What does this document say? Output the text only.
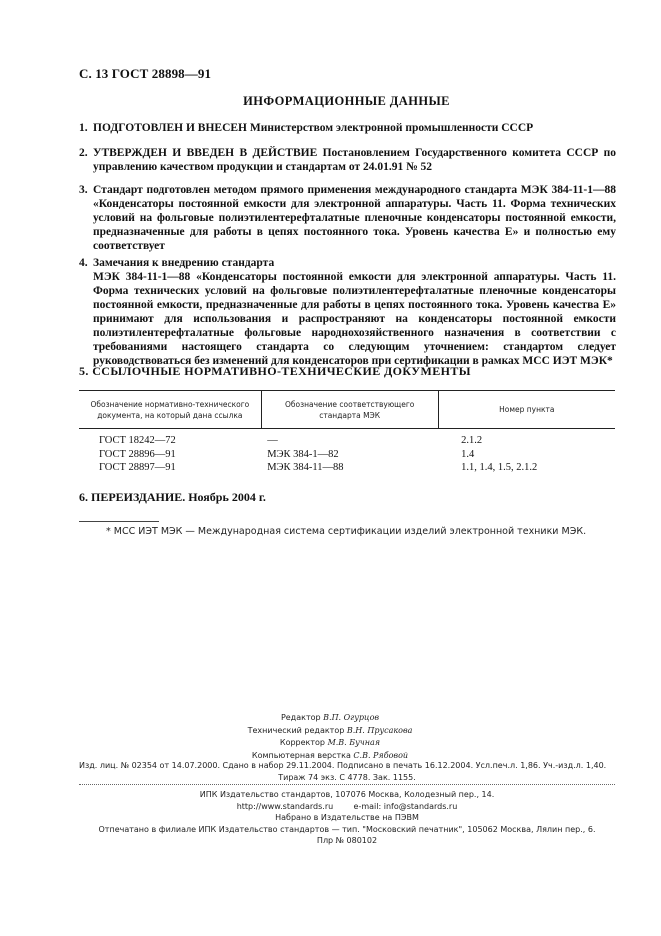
С. 13 ГОСТ 28898—91
ИНФОРМАЦИОННЫЕ ДАННЫЕ
1. ПОДГОТОВЛЕН И ВНЕСЕН Министерством электронной промышленности СССР
2. УТВЕРЖДЕН И ВВЕДЕН В ДЕЙСТВИЕ Постановлением Государственного комитета СССР по управлению качеством продукции и стандартам от 24.01.91 № 52
3. Стандарт подготовлен методом прямого применения международного стандарта МЭК 384-11-1—88 «Конденсаторы постоянной емкости для электронной аппаратуры. Часть 11. Форма технических условий на фольговые полиэтилентерефталатные пленочные конденсаторы постоянной емкости, предназначенные для работы в цепях постоянного тока. Уровень качества Е» и полностью ему соответствует
4. Замечания к внедрению стандарта
МЭК 384-11-1—88 «Конденсаторы постоянной емкости для электронной аппаратуры. Часть 11. Форма технических условий на фольговые полиэтилентерефталатные пленочные конденсаторы постоянной емкости, предназначенные для работы в цепях постоянного тока. Уровень качества Е» принимают для использования и распространяют на конденсаторы постоянной емкости полиэтилентерефталатные фольговые народнохозяйственного назначения в соответствии с требованиями настоящего стандарта со следующим уточнением: стандартом следует руководствоваться без изменений для конденсаторов при сертификации в рамках МСС ИЭТ МЭК*
5. ССЫЛОЧНЫЕ НОРМАТИВНО-ТЕХНИЧЕСКИЕ ДОКУМЕНТЫ
Обозначение нормативно-технического документа, на который дана ссылка	Обозначение соответствующего стандарта МЭК	Номер пункта
ГОСТ 18242—72	—	2.1.2
ГОСТ 28896—91	МЭК 384-1—82	1.4
ГОСТ 28897—91	МЭК 384-11—88	1.1, 1.4, 1.5, 2.1.2
6. ПЕРЕИЗДАНИЕ. Ноябрь 2004 г.
* МСС ИЭТ МЭК — Международная система сертификации изделий электронной техники МЭК.
Редактор В.П. Огурцов
Технический редактор В.Н. Прусакова
Корректор М.В. Бучная
Компьютерная верстка С.В. Рябовой
Изд. лиц. № 02354 от 14.07.2000. Сдано в набор 29.11.2004. Подписано в печать 16.12.2004. Усл.печ.л. 1,86. Уч.-изд.л. 1,40.
Тираж 74 экз. С 4778. Зак. 1155.
ИПК Издательство стандартов, 107076 Москва, Колодезный пер., 14.
http://www.standards.ru        e-mail: info@standards.ru
Набрано в Издательстве на ПЭВМ
Отпечатано в филиале ИПК Издательство стандартов — тип. "Московский печатник", 105062 Москва, Лялин пер., 6.
Плр № 080102
